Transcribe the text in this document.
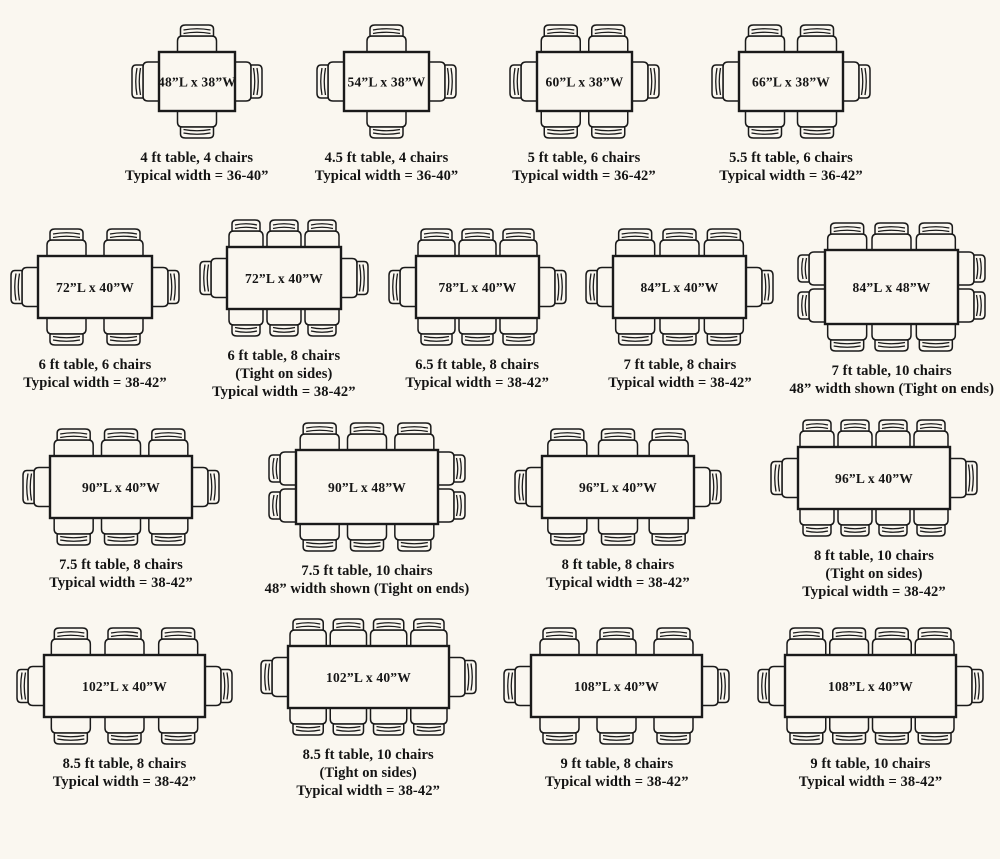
48”L x 38”W
4 ft table, 4 chairs
Typical width = 36-40”
54”L x 38”W
4.5 ft table, 4 chairs
Typical width = 36-40”
60”L x 38”W
5 ft table, 6 chairs
Typical width = 36-42”
66”L x 38”W
5.5 ft table, 6 chairs
Typical width = 36-42”
72”L x 40”W
6 ft table, 6 chairs
Typical width = 38-42”
72”L x 40”W
6 ft table, 8 chairs
(Tight on sides)
Typical width = 38-42”
78”L x 40”W
6.5 ft table, 8 chairs
Typical width = 38-42”
84”L x 40”W
7 ft table, 8 chairs
Typical width = 38-42”
84”L x 48”W
7 ft table, 10 chairs
48” width shown (Tight on ends)
90”L x 40”W
7.5 ft table, 8 chairs
Typical width = 38-42”
90”L x 48”W
7.5 ft table, 10 chairs
48” width shown (Tight on ends)
96”L x 40”W
8 ft table, 8 chairs
Typical width = 38-42”
96”L x 40”W
8 ft table, 10 chairs
(Tight on sides)
Typical width = 38-42”
102”L x 40”W
8.5 ft table, 8 chairs
Typical width = 38-42”
102”L x 40”W
8.5 ft table, 10 chairs
(Tight on sides)
Typical width = 38-42”
108”L x 40”W
9 ft table, 8 chairs
Typical width = 38-42”
108”L x 40”W
9 ft table, 10 chairs
Typical width = 38-42”
